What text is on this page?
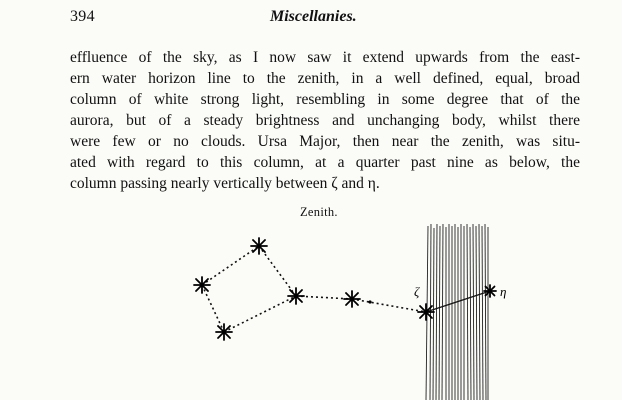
394	Miscellanies.
effluence of the sky, as I now saw it extend upwards from the east-
ern water horizon line to the zenith, in a well defined, equal, broad
column of white strong light, resembling in some degree that of the
aurora, but of a steady brightness and unchanging body, whilst there
were few or no clouds. Ursa Major, then near the zenith, was situ-
ated with regard to this column, at a quarter past nine as below, the
column passing nearly vertically between ζ and η.
Zenith.
ζ	η
